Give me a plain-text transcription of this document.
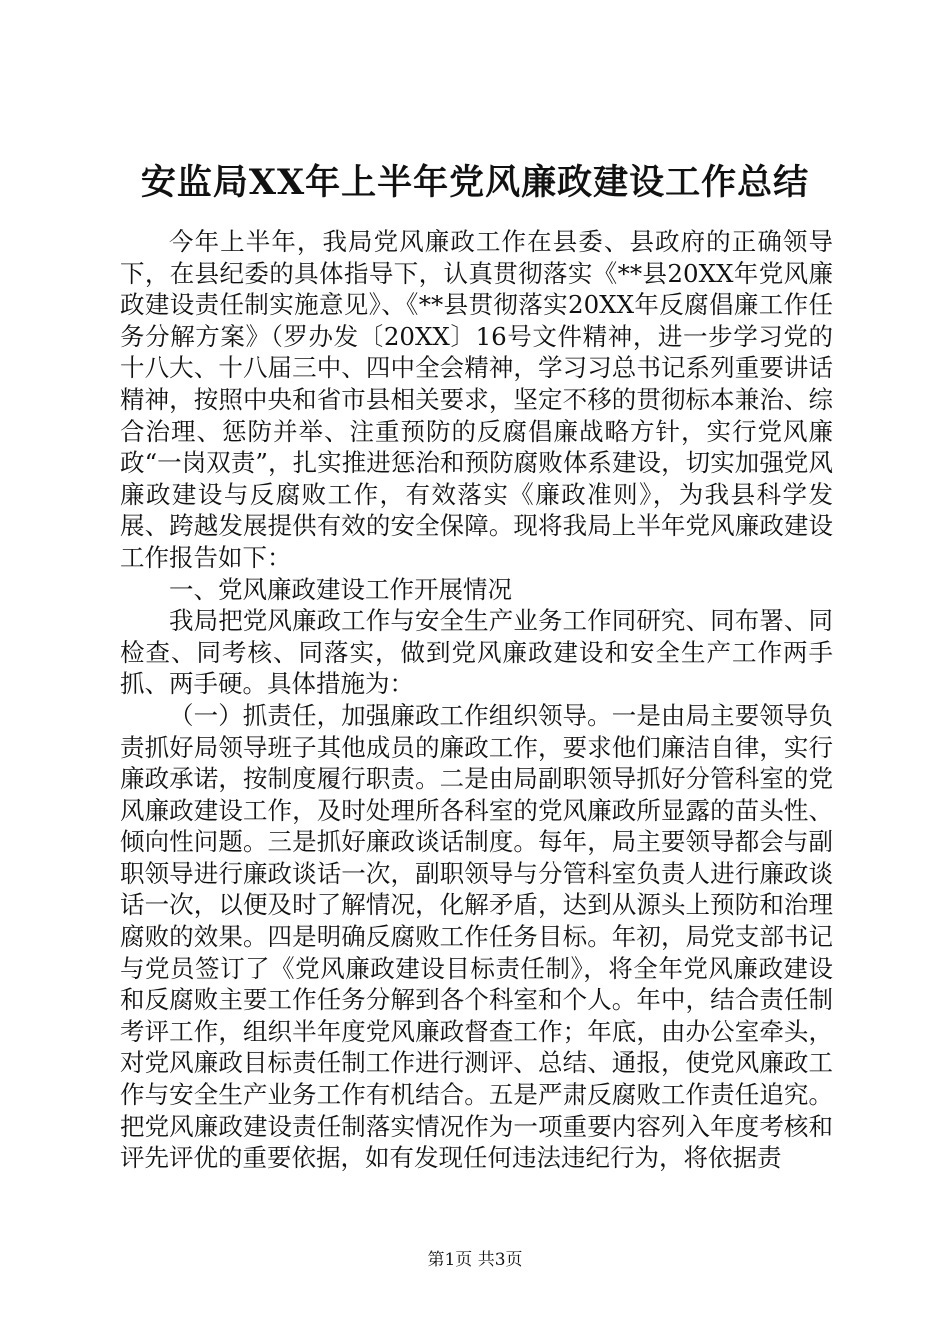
安监局XX年上半年党风廉政建设工作总结

今年上半年，我局党风廉政工作在县委、县政府的正确领导下，在县纪委的具体指导下，认真贯彻落实《**县20XX年党风廉政建设责任制实施意见》、《**县贯彻落实20XX年反腐倡廉工作任务分解方案》（罗办发〔20XX〕16号文件精神，进一步学习党的十八大、十八届三中、四中全会精神，学习习总书记系列重要讲话精神，按照中央和省市县相关要求，坚定不移的贯彻标本兼治、综合治理、惩防并举、注重预防的反腐倡廉战略方针，实行党风廉政“一岗双责”，扎实推进惩治和预防腐败体系建设，切实加强党风廉政建设与反腐败工作，有效落实《廉政准则》，为我县科学发展、跨越发展提供有效的安全保障。现将我局上半年党风廉政建设工作报告如下：

一、党风廉政建设工作开展情况

我局把党风廉政工作与安全生产业务工作同研究、同布署、同检查、同考核、同落实，做到党风廉政建设和安全生产工作两手抓、两手硬。具体措施为：

（一）抓责任，加强廉政工作组织领导。一是由局主要领导负责抓好局领导班子其他成员的廉政工作，要求他们廉洁自律，实行廉政承诺，按制度履行职责。二是由局副职领导抓好分管科室的党风廉政建设工作，及时处理所各科室的党风廉政所显露的苗头性、倾向性问题。三是抓好廉政谈话制度。每年，局主要领导都会与副职领导进行廉政谈话一次，副职领导与分管科室负责人进行廉政谈话一次，以便及时了解情况，化解矛盾，达到从源头上预防和治理腐败的效果。四是明确反腐败工作任务目标。年初，局党支部书记与党员签订了《党风廉政建设目标责任制》，将全年党风廉政建设和反腐败主要工作任务分解到各个科室和个人。年中，结合责任制考评工作，组织半年度党风廉政督查工作；年底，由办公室牵头，对党风廉政目标责任制工作进行测评、总结、通报，使党风廉政工作与安全生产业务工作有机结合。五是严肃反腐败工作责任追究。把党风廉政建设责任制落实情况作为一项重要内容列入年度考核和评先评优的重要依据，如有发现任何违法违纪行为，将依据责

第1页 共3页
